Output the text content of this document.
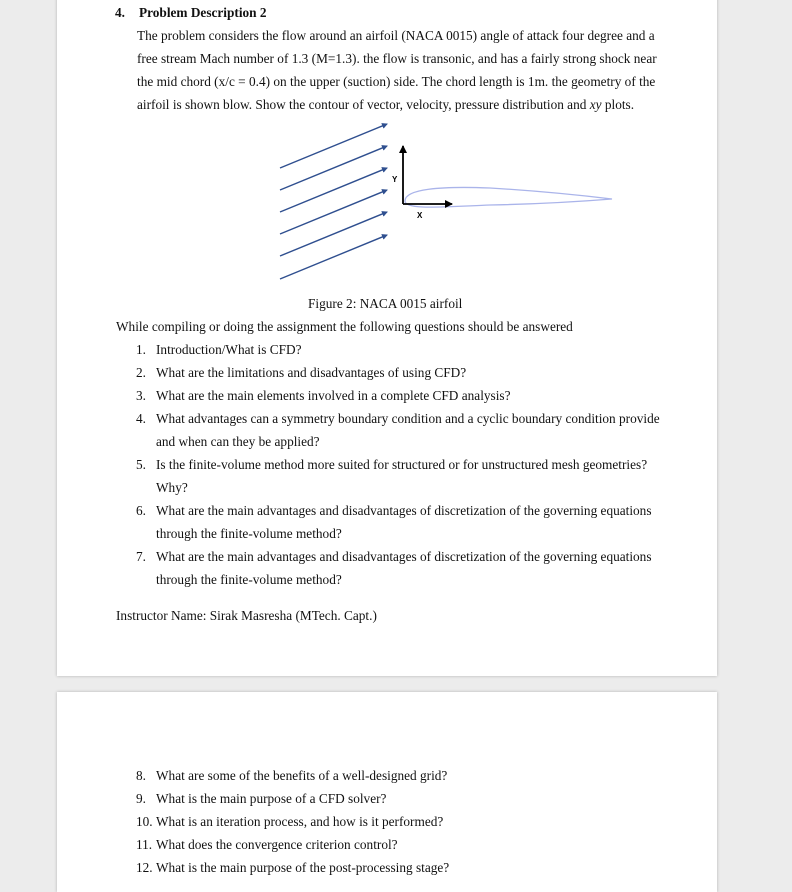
4. Problem Description 2
The problem considers the flow around an airfoil (NACA 0015) angle of attack four degree and a
free stream Mach number of 1.3 (M=1.3). the flow is transonic, and has a fairly strong shock near
the mid chord (x/c = 0.4) on the upper (suction) side. The chord length is 1m. the geometry of the
airfoil is shown blow. Show the contour of vector, velocity, pressure distribution and xy plots.
Y
X
Figure 2: NACA 0015 airfoil
While compiling or doing the assignment the following questions should be answered
1. Introduction/What is CFD?
2. What are the limitations and disadvantages of using CFD?
3. What are the main elements involved in a complete CFD analysis?
4. What advantages can a symmetry boundary condition and a cyclic boundary condition provide
and when can they be applied?
5. Is the finite-volume method more suited for structured or for unstructured mesh geometries?
Why?
6. What are the main advantages and disadvantages of discretization of the governing equations
through the finite-volume method?
7. What are the main advantages and disadvantages of discretization of the governing equations
through the finite-volume method?
Instructor Name: Sirak Masresha (MTech. Capt.)
8. What are some of the benefits of a well-designed grid?
9. What is the main purpose of a CFD solver?
10. What is an iteration process, and how is it performed?
11. What does the convergence criterion control?
12. What is the main purpose of the post-processing stage?
